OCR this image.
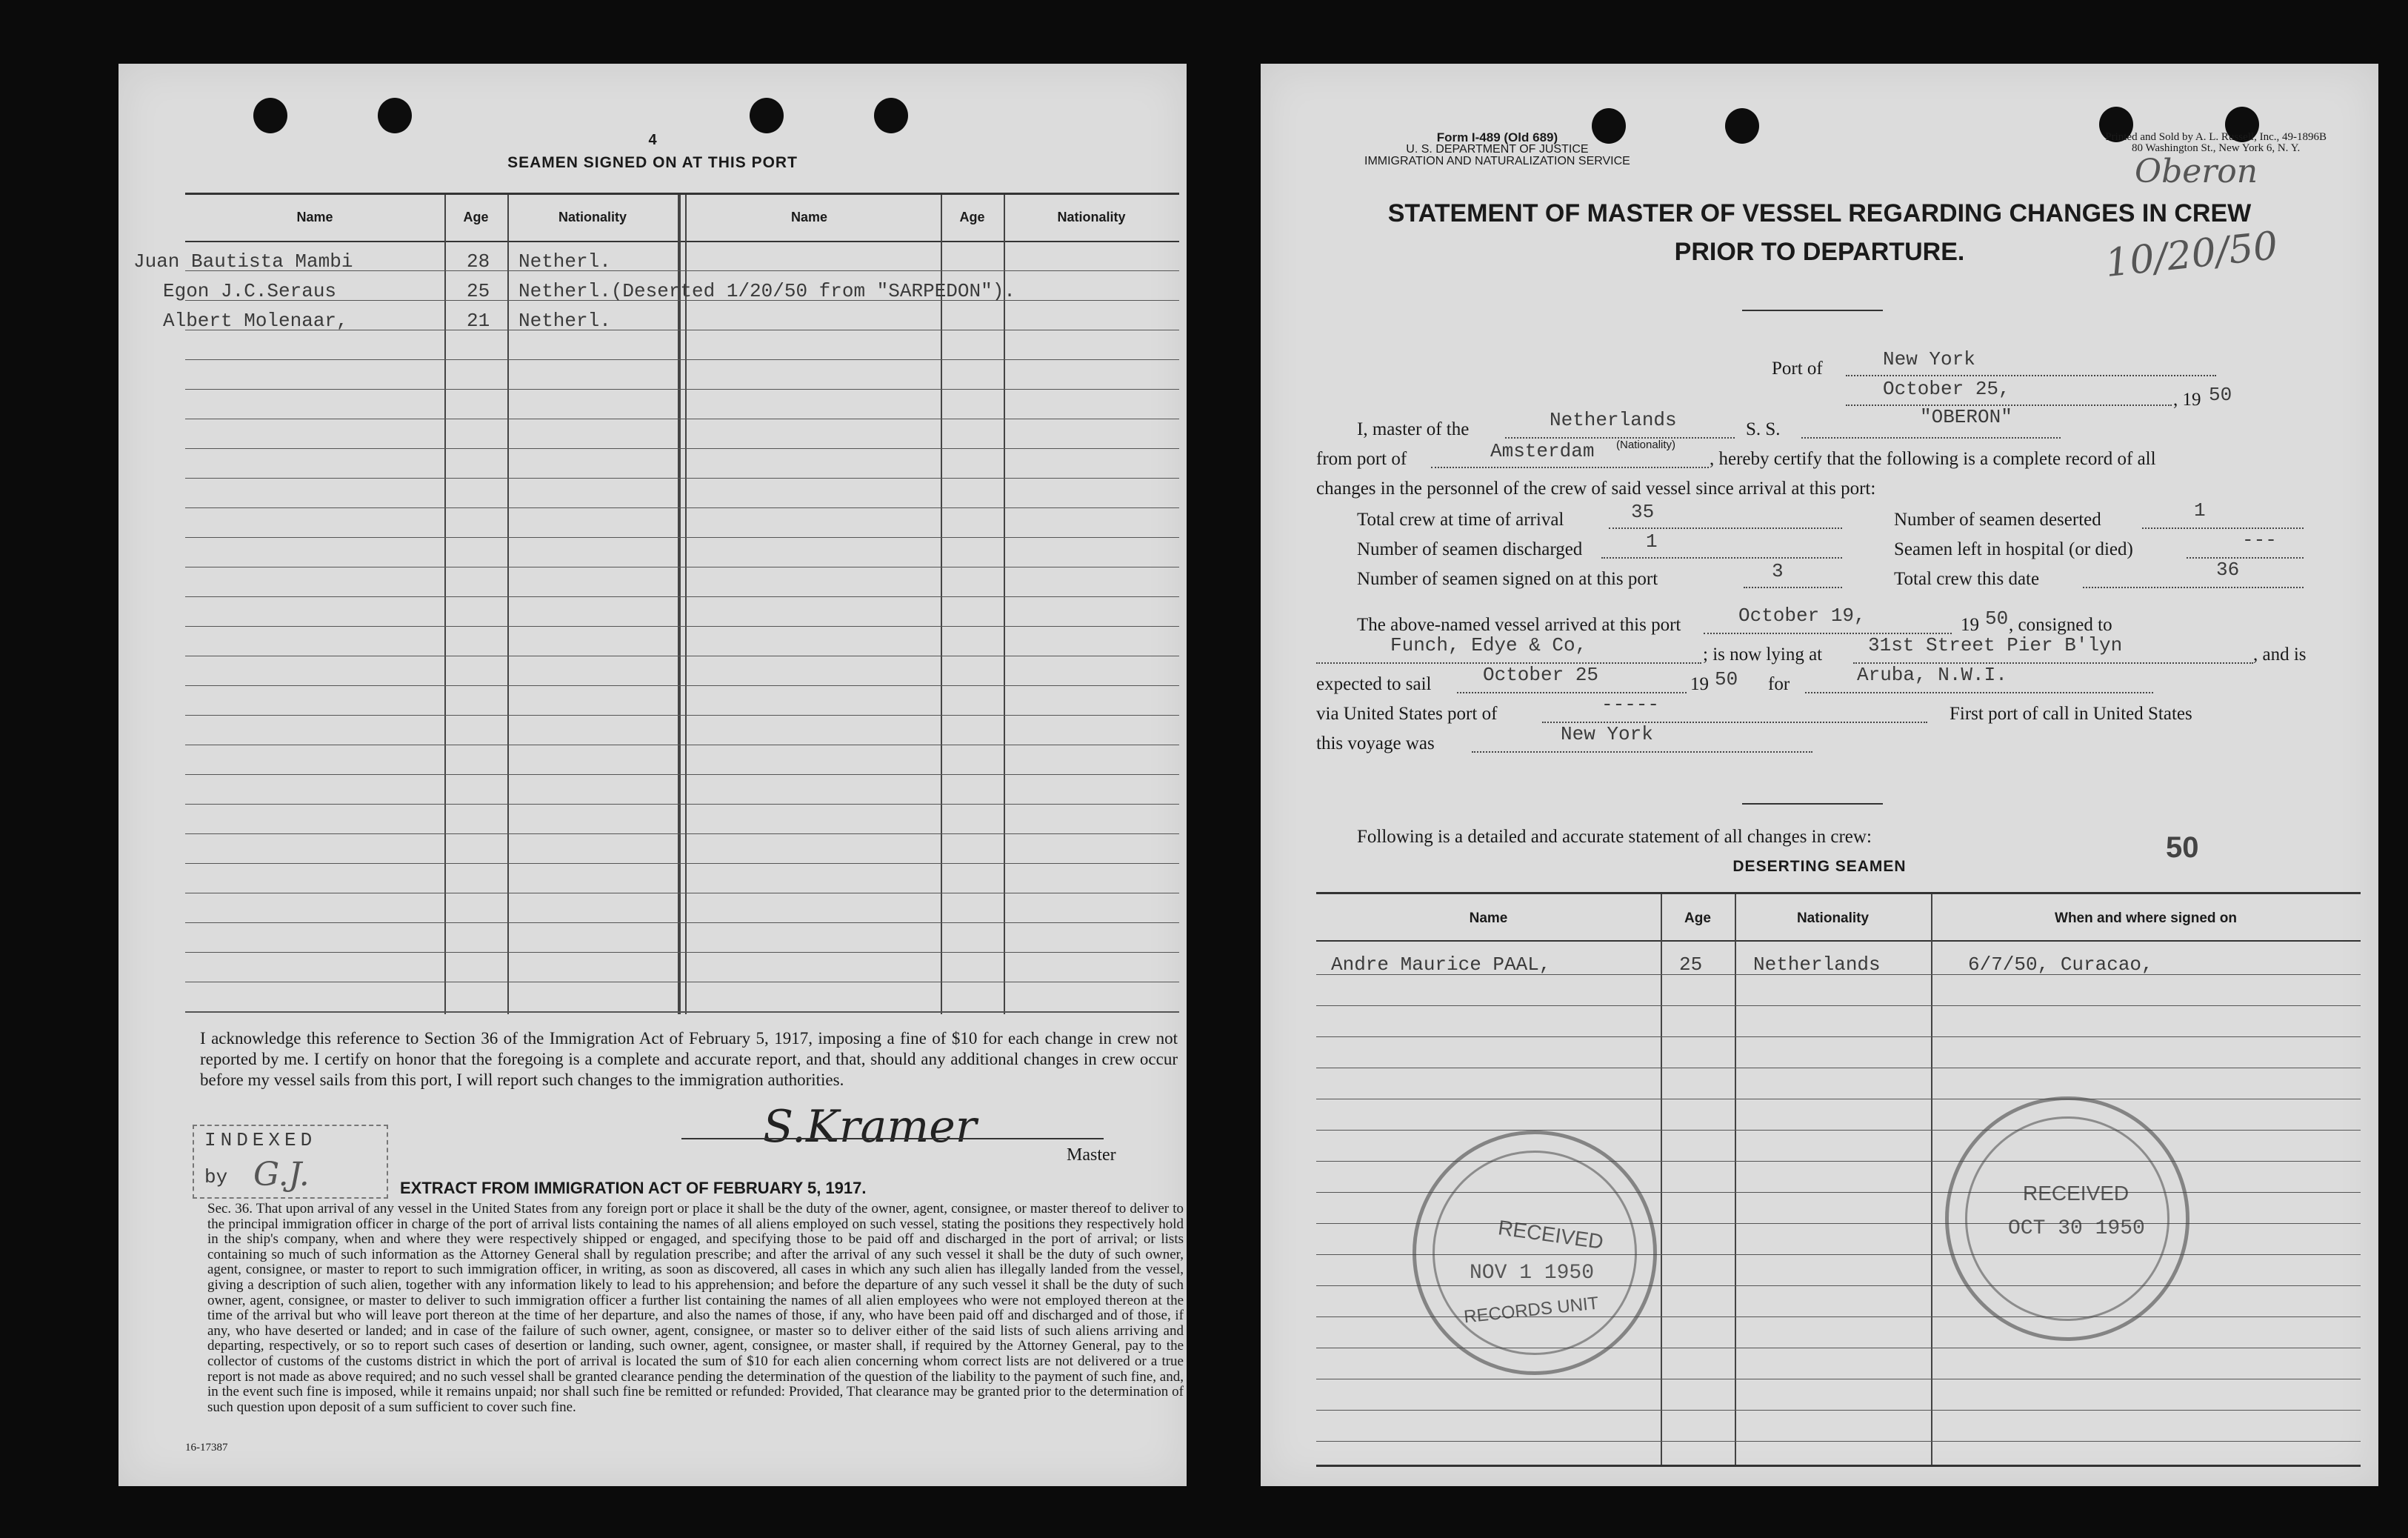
4
SEAMEN SIGNED ON AT THIS PORT
Name	Age	Nationality	Name	Age	Nationality
Juan Bautista Mambi	28 Netherl.
Egon J.C.Seraus	25 Netherl.(Deserted 1/20/50 from "SARPEDON").
Albert Molenaar,	21 Netherl.
I acknowledge this reference to Section 36 of the Immigration Act of February 5, 1917, imposing a fine of $10 for each change in crew not reported by me. I certify on honor that the foregoing is a complete and accurate report, and that, should any additional changes in crew occur before my vessel sails from this port, I will report such changes to the immigration authorities.
S.Kramer
Master
INDEXED
by G.J.	EXTRACT FROM IMMIGRATION ACT OF FEBRUARY 5, 1917.
Sec. 36. That upon arrival of any vessel in the United States from any foreign port or place it shall be the duty of the owner, agent, consignee, or master thereof to deliver to the principal immigration officer in charge of the port of arrival lists containing the names of all aliens employed on such vessel, stating the positions they respectively hold in the ship's company, when and where they were respectively shipped or engaged, and specifying those to be paid off and discharged in the port of arrival; or lists containing so much of such information as the Attorney General shall by regulation prescribe; and after the arrival of any such vessel it shall be the duty of such owner, agent, consignee, or master to report to such immigration officer, in writing, as soon as discovered, all cases in which any such alien has illegally landed from the vessel, giving a description of such alien, together with any information likely to lead to his apprehension; and before the departure of any such vessel it shall be the duty of such owner, agent, consignee, or master to deliver to such immigration officer a further list containing the names of all alien employees who were not employed thereon at the time of the arrival but who will leave port thereon at the time of her departure, and also the names of those, if any, who have been paid off and discharged and of those, if any, who have deserted or landed; and in case of the failure of such owner, agent, consignee, or master so to deliver either of the said lists of such aliens arriving and departing, respectively, or so to report such cases of desertion or landing, such owner, agent, consignee, or master shall, if required by the Attorney General, pay to the collector of customs of the customs district in which the port of arrival is located the sum of $10 for each alien concerning whom correct lists are not delivered or a true report is not made as above required; and no such vessel shall be granted clearance pending the determination of the question of the liability to the payment of such fine, and, in the event such fine is imposed, while it remains unpaid; nor shall such fine be remitted or refunded: Provided, That clearance may be granted prior to the determination of such question upon deposit of a sum sufficient to cover such fine.
16-17387
Form I-489 (Old 689)
U. S. DEPARTMENT OF JUSTICE
IMMIGRATION AND NATURALIZATION SERVICE
Printed and Sold by A. L. Russell, Inc., 49-1896B
80 Washington St., New York 6, N. Y.
Oberon
10/20/50
STATEMENT OF MASTER OF VESSEL REGARDING CHANGES IN CREW
PRIOR TO DEPARTURE.
Port of	New York
October 25,	, 19 50
I, master of the	Netherlands
(Nationality)
S. S.
"OBERON"
from port of	Amsterdam	, hereby certify that the following is a complete record of all
changes in the personnel of the crew of said vessel since arrival at this port:
Total crew at time of arrival	35	Number of seamen deserted	1
Number of seamen discharged	1	Seamen left in hospital (or died)	---
Number of seamen signed on at this port	3	Total crew this date	36
The above-named vessel arrived at this port	October 19,	19 50 , consigned to
Funch, Edye & Co,	; is now lying at 31st Street Pier B'lyn	, and is
expected to sail	October 25	19 50 for	Aruba, N.W.I.
via United States port of	-----	First port of call in United States
this voyage was	New York
Following is a detailed and accurate statement of all changes in crew:	50
DESERTING SEAMEN
Name	Age	Nationality	When and where signed on
Andre Maurice PAAL,	25	Netherlands	6/7/50, Curacao,
RECEIVED
NOV 1 1950
RECORDS UNIT
RECEIVED
OCT 30 1950
